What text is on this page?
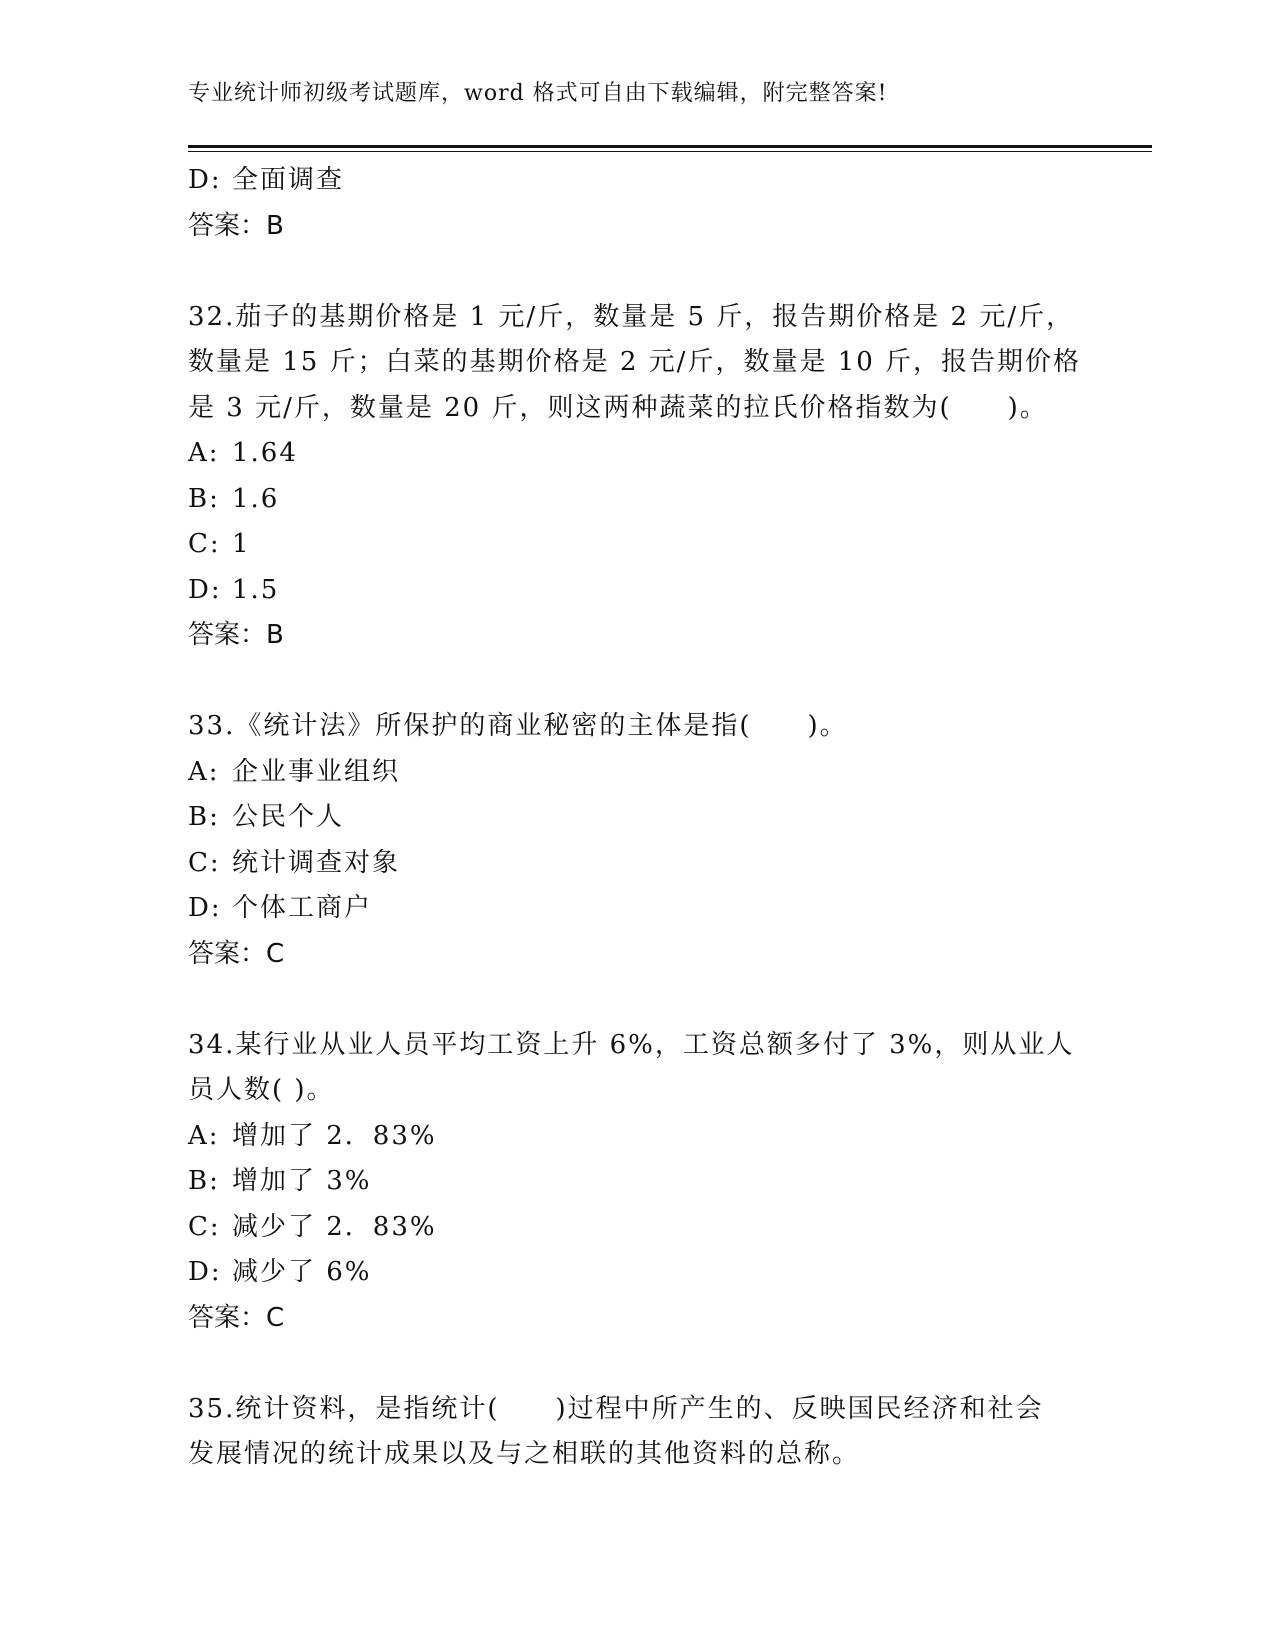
专业统计师初级考试题库，word 格式可自由下载编辑，附完整答案!
D: 全面调查
答案：B
32.茄子的基期价格是 1 元/斤，数量是 5 斤，报告期价格是 2 元/斤，
数量是 15 斤；白菜的基期价格是 2 元/斤，数量是 10 斤，报告期价格
是 3 元/斤，数量是 20 斤，则这两种蔬菜的拉氏价格指数为(　　)。
A: 1.64
B: 1.6
C: 1
D: 1.5
答案：B
33.《统计法》所保护的商业秘密的主体是指(　　)。
A: 企业事业组织
B: 公民个人
C: 统计调查对象
D: 个体工商户
答案：C
34.某行业从业人员平均工资上升 6%，工资总额多付了 3%，则从业人
员人数( )。
A: 增加了 2．83%
B: 增加了 3%
C: 减少了 2．83%
D: 减少了 6%
答案：C
35.统计资料，是指统计(　　)过程中所产生的、反映国民经济和社会
发展情况的统计成果以及与之相联的其他资料的总称。
